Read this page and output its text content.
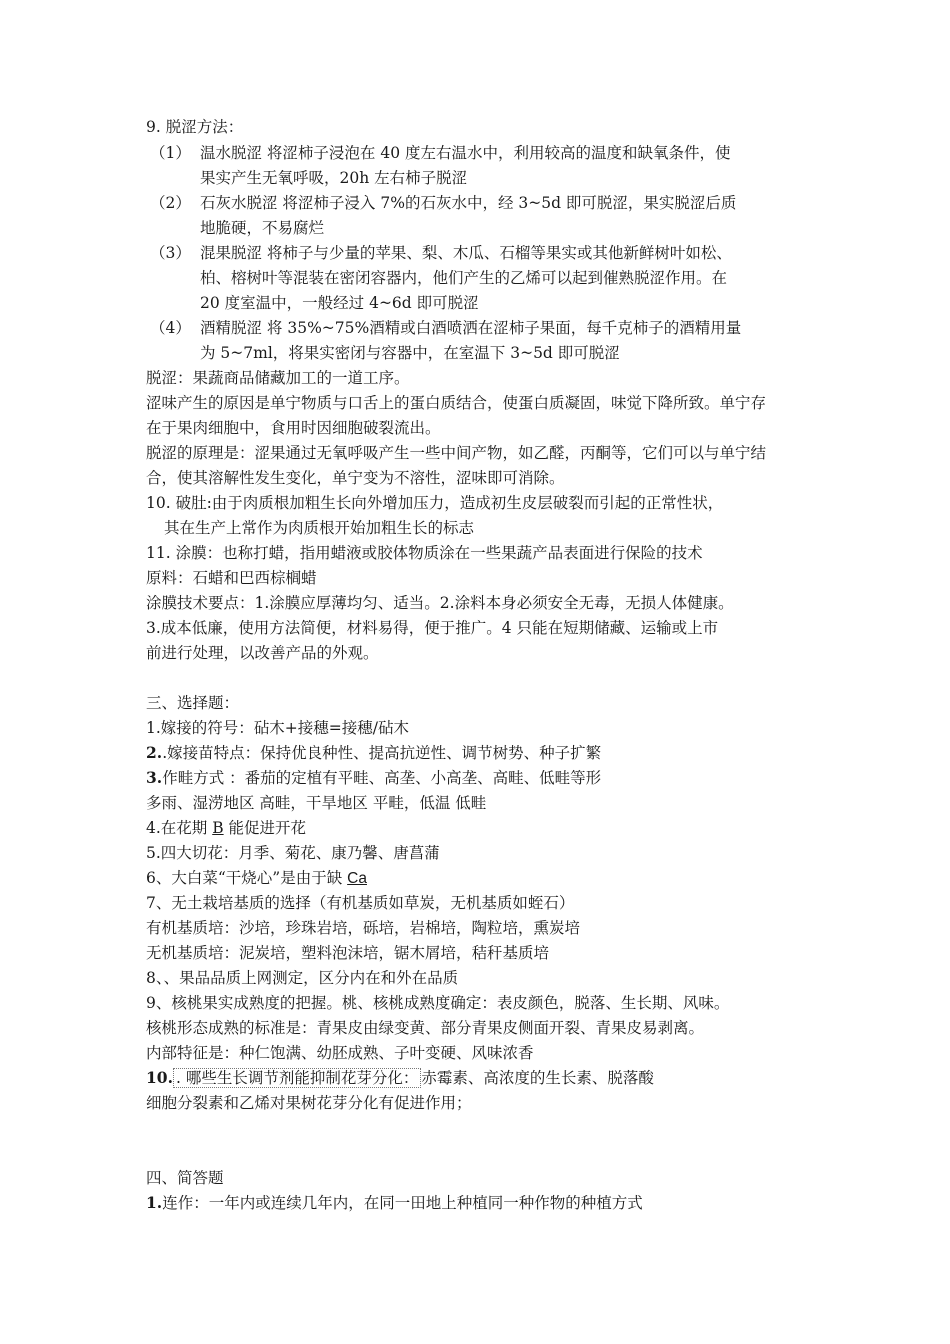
9. 脱涩方法：
（1） 温水脱涩 将涩柿子浸泡在 40 度左右温水中，利用较高的温度和缺氧条件，使
果实产生无氧呼吸，20h 左右柿子脱涩
（2） 石灰水脱涩 将涩柿子浸入 7%的石灰水中，经 3~5d 即可脱涩，果实脱涩后质
地脆硬，不易腐烂
（3） 混果脱涩 将柿子与少量的苹果、梨、木瓜、石榴等果实或其他新鲜树叶如松、
柏、榕树叶等混装在密闭容器内，他们产生的乙烯可以起到催熟脱涩作用。在
20 度室温中，一般经过 4~6d 即可脱涩
（4） 酒精脱涩 将 35%~75%酒精或白酒喷洒在涩柿子果面，每千克柿子的酒精用量
为 5~7ml，将果实密闭与容器中，在室温下 3~5d 即可脱涩
脱涩：果蔬商品储藏加工的一道工序。
涩味产生的原因是单宁物质与口舌上的蛋白质结合，使蛋白质凝固，味觉下降所致。单宁存
在于果肉细胞中，食用时因细胞破裂流出。
脱涩的原理是：涩果通过无氧呼吸产生一些中间产物，如乙醛，丙酮等，它们可以与单宁结
合，使其溶解性发生变化，单宁变为不溶性，涩味即可消除。
10. 破肚:由于肉质根加粗生长向外增加压力，造成初生皮层破裂而引起的正常性状，
其在生产上常作为肉质根开始加粗生长的标志
11. 涂膜：也称打蜡，指用蜡液或胶体物质涂在一些果蔬产品表面进行保险的技术
原料：石蜡和巴西棕榈蜡
涂膜技术要点：1.涂膜应厚薄均匀、适当。2.涂料本身必须安全无毒，无损人体健康。
3.成本低廉，使用方法简便，材料易得，便于推广。4 只能在短期储藏、运输或上市
前进行处理，以改善产品的外观。
三、选择题：
1.嫁接的符号：砧木+接穗=接穗/砧木
2..嫁接苗特点：保持优良种性、提高抗逆性、调节树势、种子扩繁
3.作畦方式 ：番茄的定植有平畦、高垄、小高垄、高畦、低畦等形
多雨、湿涝地区 高畦，干旱地区 平畦，低温 低畦
4.在花期 B 能促进开花
5.四大切花：月季、菊花、康乃馨、唐菖蒲
6、大白菜“干烧心”是由于缺 Ca
7、无土栽培基质的选择（有机基质如草炭，无机基质如蛭石）
有机基质培：沙培，珍珠岩培，砾培，岩棉培，陶粒培，熏炭培
无机基质培：泥炭培，塑料泡沫培，锯木屑培，秸秆基质培
8、、果品品质上网测定，区分内在和外在品质
9、核桃果实成熟度的把握。桃、核桃成熟度确定：表皮颜色，脱落、生长期、风味。
核桃形态成熟的标准是：青果皮由绿变黄、部分青果皮侧面开裂、青果皮易剥离。
内部特征是：种仁饱满、幼胚成熟、子叶变硬、风味浓香
10. . 哪些生长调节剂能抑制花芽分化： 赤霉素、高浓度的生长素、脱落酸
细胞分裂素和乙烯对果树花芽分化有促进作用；
四、简答题
1.连作：一年内或连续几年内，在同一田地上种植同一种作物的种植方式
